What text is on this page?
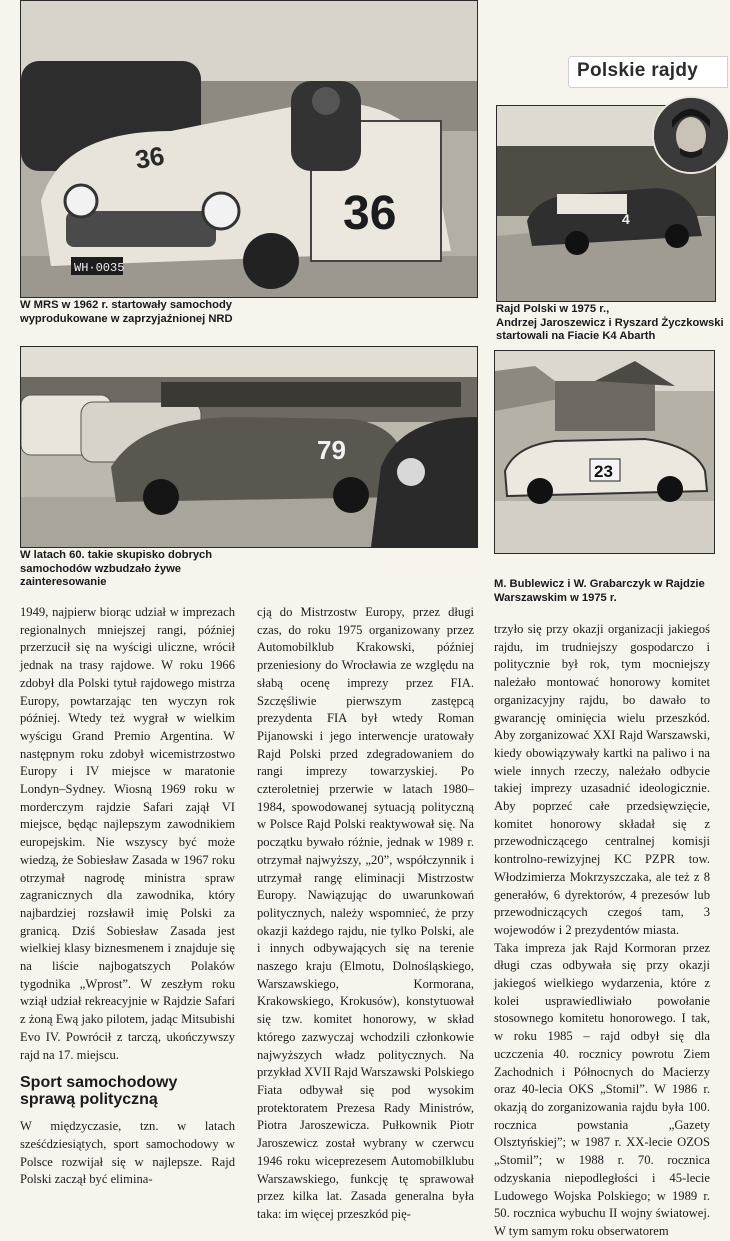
Polskie rajdy
36
36
WH·0035
W MRS w 1962 r. startowały samochody
wyprodukowane w zaprzyjaźnionej NRD
4
Rajd Polski w 1975 r.,
Andrzej Jaroszewicz i Ryszard Życzkowski
startowali na Fiacie K4 Abarth
79
W latach 60. takie skupisko dobrych
samochodów wzbudzało żywe
zainteresowanie
23
M. Bublewicz i W. Grabarczyk w Rajdzie
Warszawskim w 1975 r.

1949, najpierw biorąc udział w imprezach regionalnych mniejszej rangi, później przerzucił się na wyścigi uliczne, wrócił jednak na trasy rajdowe. W roku 1966 zdobył dla Polski tytuł rajdowego mistrza Europy, powtarzając ten wyczyn rok później. Wtedy też wygrał w wielkim wyścigu Grand Premio Argentina. W następnym roku zdobył wicemistrzostwo Europy i IV miejsce w maratonie Londyn–Sydney. Wiosną 1969 roku w morderczym rajdzie Safari zajął VI miejsce, będąc najlepszym zawodnikiem europejskim. Nie wszyscy być może wiedzą, że Sobiesław Zasada w 1967 roku otrzymał nagrodę ministra spraw zagranicznych dla zawodnika, który najbardziej rozsławił imię Polski za granicą. Dziś Sobiesław Zasada jest wielkiej klasy biznesmenem i znajduje się na liście najbogatszych Polaków tygodnika „Wprost”. W zeszłym roku wziął udział rekreacyjnie w Rajdzie Safari z żoną Ewą jako pilotem, jadąc Mitsubishi Evo IV. Powrócił z tarczą, ukończywszy rajd na 17. miejscu.

Sport samochodowy
sprawą polityczną

W międzyczasie, tzn. w latach sześćdziesiątych, sport samochodowy w Polsce rozwijał się w najlepsze. Rajd Polski zaczął być elimina-

cją do Mistrzostw Europy, przez długi czas, do roku 1975 organizowany przez Automobilklub Krakowski, później przeniesiony do Wrocławia ze względu na słabą ocenę imprezy przez FIA. Szczęśliwie pierwszym zastępcą prezydenta FIA był wtedy Roman Pijanowski i jego interwencje uratowały Rajd Polski przed zdegradowaniem do rangi imprezy towarzyskiej. Po czteroletniej przerwie w latach 1980–1984, spowodowanej sytuacją polityczną w Polsce Rajd Polski reaktywował się. Na początku bywało różnie, jednak w 1989 r. otrzymał najwyższy, „20”, współczynnik i utrzymał rangę eliminacji Mistrzostw Europy. Nawiązując do uwarunkowań politycznych, należy wspomnieć, że przy okazji każdego rajdu, nie tylko Polski, ale i innych odbywających się na terenie naszego kraju (Elmotu, Dolnośląskiego, Warszawskiego, Kormorana, Krakowskiego, Krokusów), konstytuował się tzw. komitet honorowy, w skład którego zazwyczaj wchodzili członkowie najwyższych władz politycznych. Na przykład XVII Rajd Warszawski Polskiego Fiata odbywał się pod wysokim protektoratem Prezesa Rady Ministrów, Piotra Jaroszewicza. Pułkownik Piotr Jaroszewicz został wybrany w czerwcu 1946 roku wiceprezesem Automobilklubu Warszawskiego, funkcję tę sprawował przez kilka lat. Zasada generalna była taka: im więcej przeszkód pię-

trzyło się przy okazji organizacji jakiegoś rajdu, im trudniejszy gospodarczo i politycznie był rok, tym mocniejszy należało montować honorowy komitet organizacyjny rajdu, bo dawało to gwarancję ominięcia wielu przeszkód. Aby zorganizować XXI Rajd Warszawski, kiedy obowiązywały kartki na paliwo i na wiele innych rzeczy, należało odbycie takiej imprezy uzasadnić ideologicznie. Aby poprzeć całe przedsięwzięcie, komitet honorowy składał się z przewodniczącego centralnej komisji kontrolno-rewizyjnej KC PZPR tow. Włodzimierza Mokrzyszczaka, ale też z 8 generałów, 6 dyrektorów, 4 prezesów lub przewodniczących czegoś tam, 3 wojewodów i 2 prezydentów miasta.

Taka impreza jak Rajd Kormoran przez długi czas odbywała się przy okazji jakiegoś wielkiego wydarzenia, które z kolei usprawiedliwiało powołanie stosownego komitetu honorowego. I tak, w roku 1985 – rajd odbył się dla uczczenia 40. rocznicy powrotu Ziem Zachodnich i Północnych do Macierzy oraz 40-lecia OKS „Stomil”. W 1986 r. okazją do zorganizowania rajdu była 100. rocznica powstania „Gazety Olsztyńskiej”; w 1987 r. XX-lecie OZOS „Stomil”; w 1988 r. 70. rocznica odzyskania niepodległości i 45-lecie Ludowego Wojska Polskiego; w 1989 r. 50. rocznica wybuchu II wojny światowej. W tym samym roku obserwatorem
